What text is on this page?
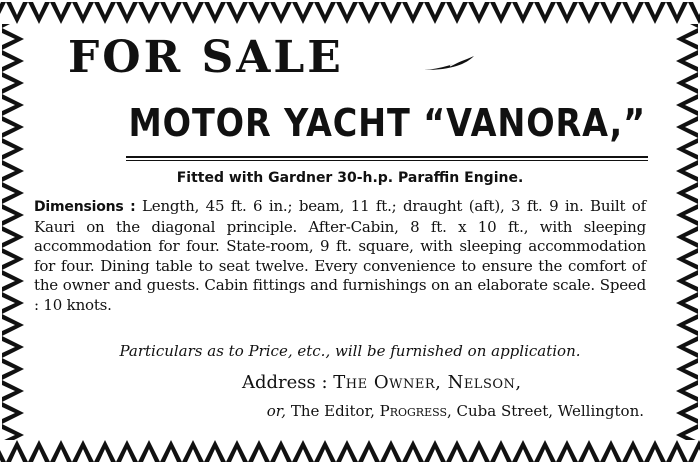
FOR SALE
MOTOR YACHT “VANORA,”

Fitted with Gardner 30-h.p. Paraffin Engine.

Dimensions : Length, 45 ft. 6 in.; beam, 11 ft.; draught (aft), 3 ft. 9 in. Built of Kauri on the diagonal principle. After-Cabin, 8 ft. x 10 ft., with sleeping accommodation for four. State-room, 9 ft. square, with sleeping accommodation for four. Dining table to seat twelve. Every convenience to ensure the comfort of the owner and guests. Cabin fittings and furnishings on an elaborate scale. Speed : 10 knots.

Particulars as to Price, etc., will be furnished on application.

Address : The Owner, Nelson,

or, The Editor, Progress, Cuba Street, Wellington.
